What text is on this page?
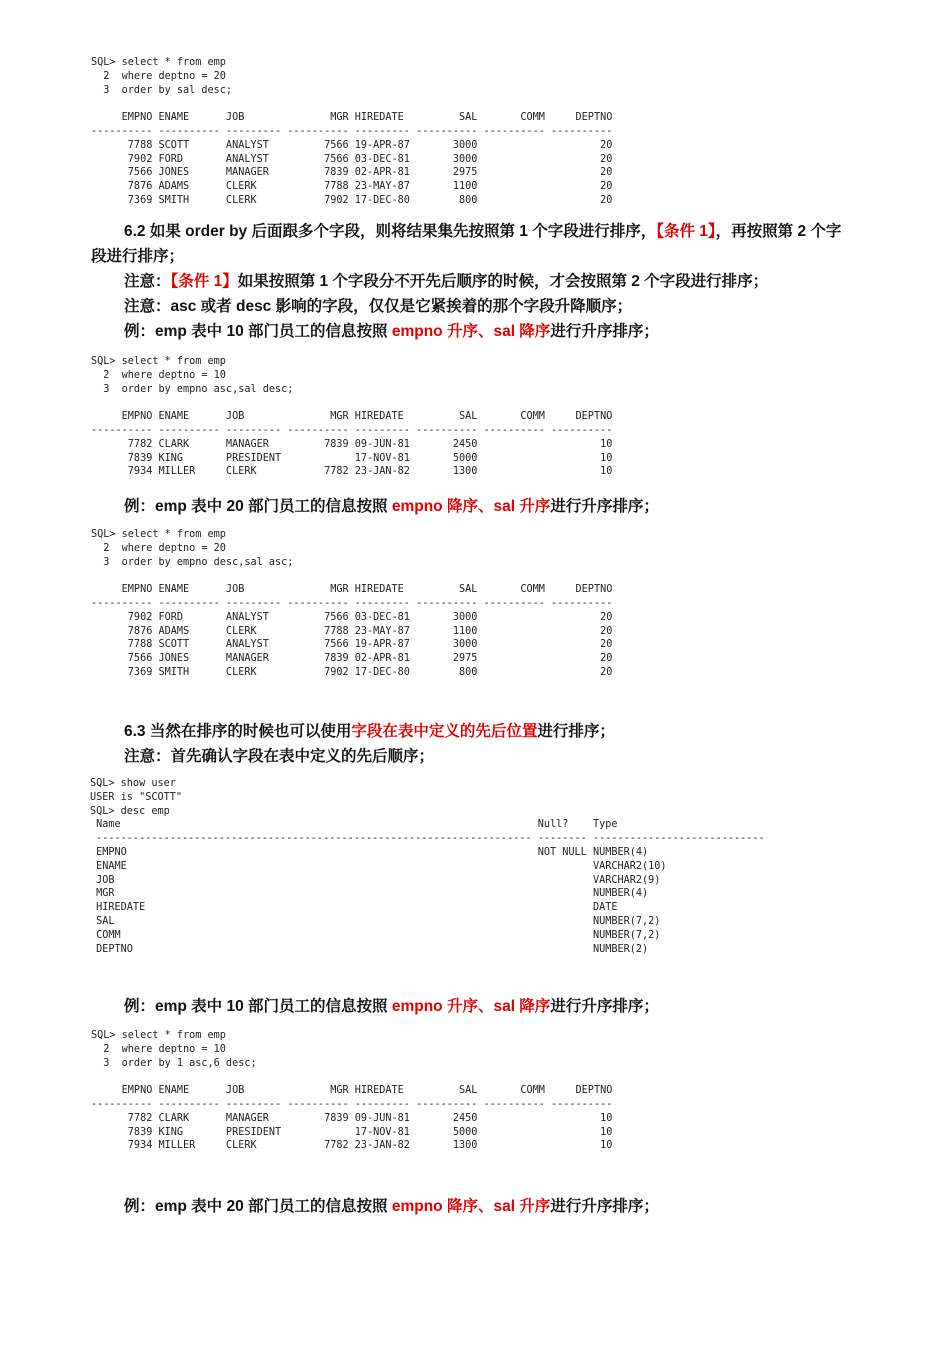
SQL> select * from emp
2  where deptno = 20
3  order by sal desc;

EMPNO ENAME      JOB              MGR HIREDATE         SAL       COMM     DEPTNO
---------- ---------- --------- ---------- --------- ---------- ---------- ----------
7788 SCOTT      ANALYST         7566 19-APR-87       3000                    20
7902 FORD       ANALYST         7566 03-DEC-81       3000                    20
7566 JONES      MANAGER         7839 02-APR-81       2975                    20
7876 ADAMS      CLERK           7788 23-MAY-87       1100                    20
7369 SMITH      CLERK           7902 17-DEC-80        800                    20
6.2 如果 order by 后面跟多个字段，则将结果集先按照第 1 个字段进行排序，【条件 1】，再按照第 2 个字
段进行排序；
注意：【条件 1】如果按照第 1 个字段分不开先后顺序的时候，才会按照第 2 个字段进行排序；
注意：asc 或者 desc 影响的字段，仅仅是它紧挨着的那个字段升降顺序；
例：emp 表中 10 部门员工的信息按照 empno 升序、sal 降序进行升序排序；
SQL> select * from emp
2  where deptno = 10
3  order by empno asc,sal desc;

EMPNO ENAME      JOB              MGR HIREDATE         SAL       COMM     DEPTNO
---------- ---------- --------- ---------- --------- ---------- ---------- ----------
7782 CLARK      MANAGER         7839 09-JUN-81       2450                    10
7839 KING       PRESIDENT            17-NOV-81       5000                    10
7934 MILLER     CLERK           7782 23-JAN-82       1300                    10
例：emp 表中 20 部门员工的信息按照 empno 降序、sal 升序进行升序排序；
SQL> select * from emp
2  where deptno = 20
3  order by empno desc,sal asc;

EMPNO ENAME      JOB              MGR HIREDATE         SAL       COMM     DEPTNO
---------- ---------- --------- ---------- --------- ---------- ---------- ----------
7902 FORD       ANALYST         7566 03-DEC-81       3000                    20
7876 ADAMS      CLERK           7788 23-MAY-87       1100                    20
7788 SCOTT      ANALYST         7566 19-APR-87       3000                    20
7566 JONES      MANAGER         7839 02-APR-81       2975                    20
7369 SMITH      CLERK           7902 17-DEC-80        800                    20
6.3 当然在排序的时候也可以使用字段在表中定义的先后位置进行排序；
注意：首先确认字段在表中定义的先后顺序；
SQL> show user
USER is "SCOTT"
SQL> desc emp
Name                                                                    Null?    Type
----------------------------------------------------------------------- -------- ----------------------------
EMPNO                                                                   NOT NULL NUMBER(4)
ENAME                                                                            VARCHAR2(10)
JOB                                                                              VARCHAR2(9)
MGR                                                                              NUMBER(4)
HIREDATE                                                                         DATE
SAL                                                                              NUMBER(7,2)
COMM                                                                             NUMBER(7,2)
DEPTNO                                                                           NUMBER(2)
例：emp 表中 10 部门员工的信息按照 empno 升序、sal 降序进行升序排序；
SQL> select * from emp
2  where deptno = 10
3  order by 1 asc,6 desc;

EMPNO ENAME      JOB              MGR HIREDATE         SAL       COMM     DEPTNO
---------- ---------- --------- ---------- --------- ---------- ---------- ----------
7782 CLARK      MANAGER         7839 09-JUN-81       2450                    10
7839 KING       PRESIDENT            17-NOV-81       5000                    10
7934 MILLER     CLERK           7782 23-JAN-82       1300                    10
例：emp 表中 20 部门员工的信息按照 empno 降序、sal 升序进行升序排序；
